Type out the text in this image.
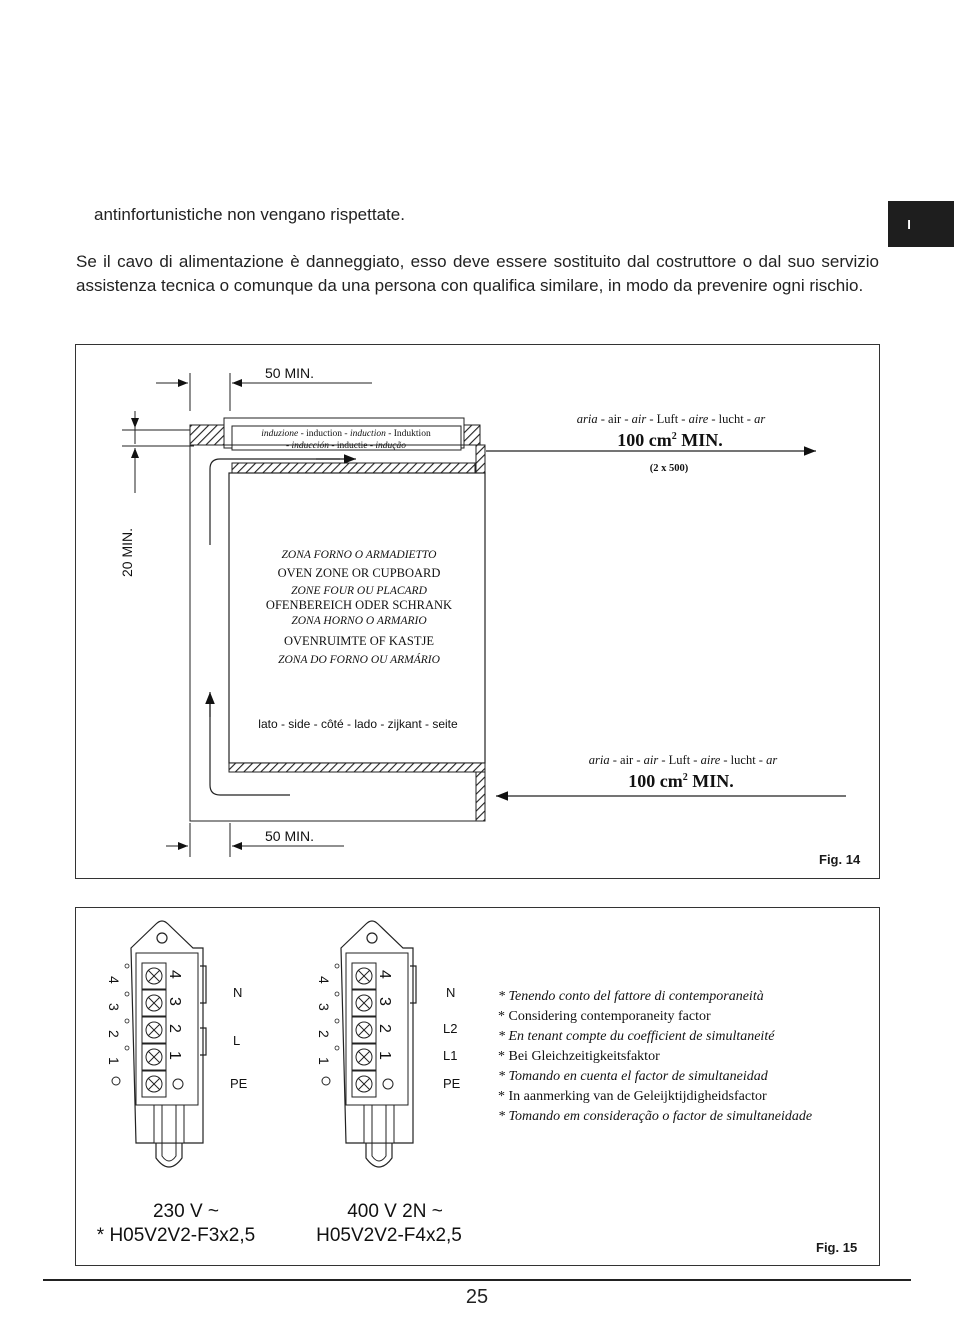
I

antinfortunistiche non vengano rispettate.

Se il cavo di alimentazione è danneggiato, esso deve essere sostituito dal costruttore o dal suo servizio assistenza tecnica o comunque da una persona con qualifica similare, in modo da prevenire ogni rischio.

50 MIN.
20 MIN.
induzione - induction - induction - Induktion
- inducción - inductie - indução
ZONA FORNO O ARMADIETTO
OVEN ZONE OR CUPBOARD
ZONE FOUR OU PLACARD
OFENBEREICH ODER SCHRANK
ZONA HORNO O ARMARIO
OVENRUIMTE OF KASTJE
ZONA DO FORNO OU ARMÁRIO
lato - side - côté - lado - zijkant - seite
aria - air - air - Luft - aire - lucht - ar
100 $cm^2$ MIN.
(2 x 500)
aria - air - air - Luft - aire - lucht - ar
100 $cm^2$ MIN.
50 MIN.
Fig. 14
4
3
2
1
4
3
2
1
N
L
PE
4
3
2
1
4
3
2
1
N
L2
L1
PE
230 V ~
* H05V2V2-F3x2,5
400 V 2N ~
H05V2V2-F4x2,5
* Tenendo conto del fattore di contemporaneità
* Considering contemporaneity factor
* En tenant compte du coefficient de simultaneité
* Bei Gleichzeitigkeitsfaktor
* Tomando en cuenta el factor de simultaneidad
* In aanmerking van de Geleijktijdigheidsfactor
* Tomando em consideração o factor de simultaneidade
Fig. 15
25
